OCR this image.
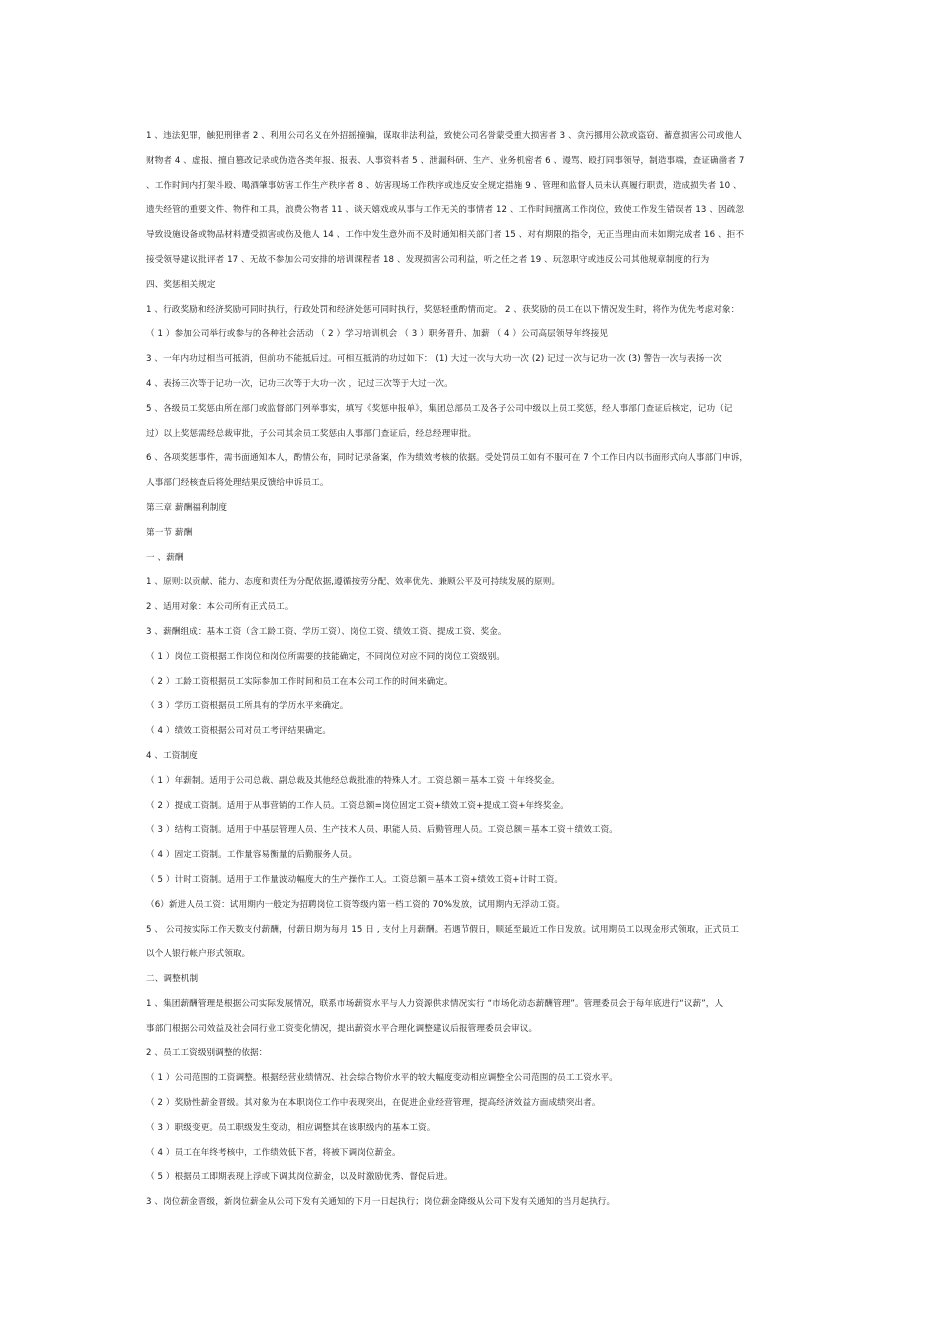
1 、违法犯罪，触犯刑律者 2 、利用公司名义在外招摇撞骗，谋取非法利益，致使公司名誉蒙受重大损害者 3 、贪污挪用公款或盗窃、蓄意损害公司或他人
财物者 4 、虚报、擅自篡改记录或伪造各类年报、报表、人事资料者 5 、泄漏科研、生产、业务机密者 6 、谩骂、殴打同事领导，制造事端，查证确凿者 7
、工作时间内打架斗殴、喝酒肇事妨害工作生产秩序者 8 、妨害现场工作秩序或违反安全规定措施 9 、管理和监督人员未认真履行职责，造成损失者 10 、
遗失经管的重要文件、物件和工具，浪费公物者 11 、谈天嬉戏或从事与工作无关的事情者 12 、工作时间擅离工作岗位，致使工作发生错误者 13 、因疏忽
导致设施设备或物品材料遭受损害或伤及他人 14 、工作中发生意外而不及时通知相关部门者 15 、对有期限的指令，无正当理由而未如期完成者 16 、拒不
接受领导建议批评者 17 、无故不参加公司安排的培训课程者 18 、发现损害公司利益，听之任之者 19 、玩忽职守或违反公司其他规章制度的行为
四、奖惩相关规定
1 、行政奖励和经济奖励可同时执行，行政处罚和经济处惩可同时执行，奖惩轻重酌情而定。 2 、获奖励的员工在以下情况发生时，将作为优先考虑对象：
（ 1 ）参加公司举行或参与的各种社会活动 （ 2 ）学习培训机会 （ 3 ）职务晋升、加薪 （ 4 ）公司高层领导年终接见
3 、一年内功过相当可抵消，但前功不能抵后过。可相互抵消的功过如下： (1) 大过一次与大功一次 (2) 记过一次与记功一次 (3) 警告一次与表扬一次
4 、表扬三次等于记功一次，记功三次等于大功一次 ，记过三次等于大过一次。
5 、各级员工奖惩由所在部门或监督部门列举事实，填写《奖惩申报单》，集团总部员工及各子公司中级以上员工奖惩，经人事部门查证后核定，记功（记
过）以上奖惩需经总裁审批，子公司其余员工奖惩由人事部门查证后，经总经理审批。
6 、各项奖惩事件，需书面通知本人，酌情公布，同时记录备案，作为绩效考核的依据。受处罚员工如有不服可在 7 个工作日内以书面形式向人事部门申诉，
人事部门经核查后将处理结果反馈给申诉员工。
第三章 薪酬福利制度
第一节 薪酬
一 、薪酬
1 、原则:以贡献、能力、态度和责任为分配依据,遵循按劳分配、效率优先、兼顾公平及可持续发展的原则。
2 、适用对象：本公司所有正式员工。
3 、薪酬组成：基本工资（含工龄工资、学历工资）、岗位工资、绩效工资、提成工资、奖金。
（ 1 ）岗位工资根据工作岗位和岗位所需要的技能确定，不同岗位对应不同的岗位工资级别。
（ 2 ）工龄工资根据员工实际参加工作时间和员工在本公司工作的时间来确定。
（ 3 ）学历工资根据员工所具有的学历水平来确定。
（ 4 ）绩效工资根据公司对员工考评结果确定。
4 、工资制度
（ 1 ）年薪制。适用于公司总裁、副总裁及其他经总裁批准的特殊人才。工资总额＝基本工资 ＋年终奖金。
（ 2 ）提成工资制。适用于从事营销的工作人员。工资总额=岗位固定工资+绩效工资+提成工资+年终奖金。
（ 3 ）结构工资制。适用于中基层管理人员、生产技术人员、职能人员、后勤管理人员。工资总额＝基本工资＋绩效工资。
（ 4 ）固定工资制。工作量容易衡量的后勤服务人员。
（ 5 ）计时工资制。适用于工作量波动幅度大的生产操作工人。工资总额＝基本工资+绩效工资+计时工资。
（6）新进人员工资：试用期内一般定为招聘岗位工资等级内第一档工资的 70%发放，试用期内无浮动工资。
5 、 公司按实际工作天数支付薪酬，付薪日期为每月 15 日 , 支付上月薪酬。若遇节假日，顺延至最近工作日发放。试用期员工以现金形式领取，正式员工
以个人银行帐户形式领取。
二、调整机制
1 、集团薪酬管理是根据公司实际发展情况，联系市场薪资水平与人力资源供求情况实行 “市场化动态薪酬管理”。管理委员会于每年底进行“议薪”，人
事部门根据公司效益及社会同行业工资变化情况，提出薪资水平合理化调整建议后报管理委员会审议。
2 、员工工资级别调整的依据：
（ 1 ）公司范围的工资调整。根据经营业绩情况、社会综合物价水平的较大幅度变动相应调整全公司范围的员工工资水平。
（ 2 ）奖励性薪金晋级。其对象为在本职岗位工作中表现突出，在促进企业经营管理，提高经济效益方面成绩突出者。
（ 3 ）职级变更。员工职级发生变动，相应调整其在该职级内的基本工资。
（ 4 ）员工在年终考核中，工作绩效低下者，将被下调岗位薪金。
（ 5 ）根据员工即期表现上浮或下调其岗位薪金，以及时激励优秀、督促后进。
3 、岗位薪金晋级，新岗位薪金从公司下发有关通知的下月一日起执行；岗位薪金降级从公司下发有关通知的当月起执行。
